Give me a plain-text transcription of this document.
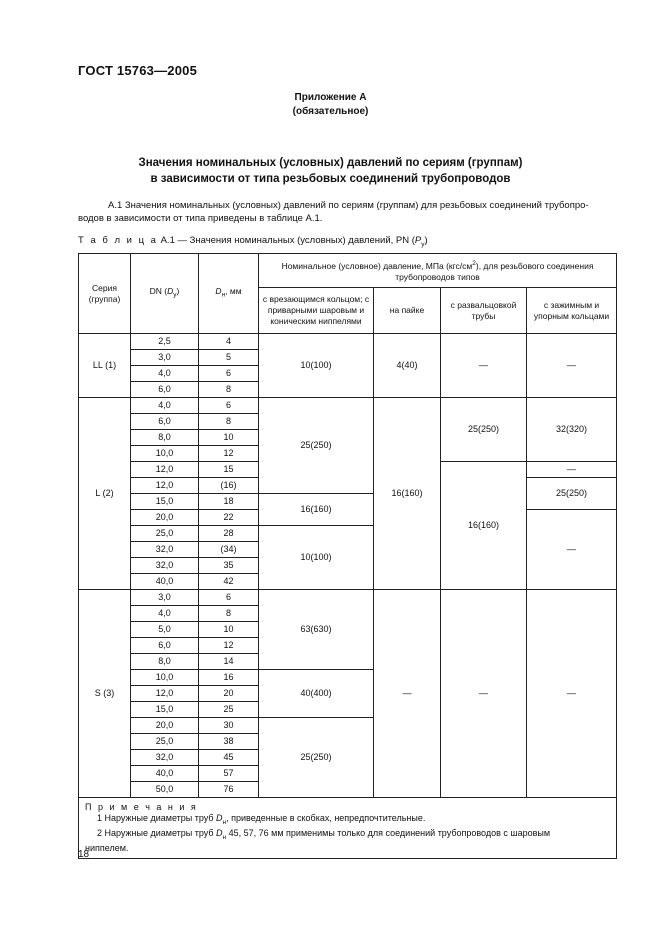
ГОСТ 15763—2005
Приложение А
(обязательное)
Значения номинальных (условных) давлений по сериям (группам)
в зависимости от типа резьбовых соединений трубопроводов
А.1 Значения номинальных (условных) давлений по сериям (группам) для резьбовых соединений трубопро-
водов в зависимости от типа приведены в таблице А.1.
Т а б л и ц а А.1 — Значения номинальных (условных) давлений, PN $(P_y)$
Серия (группа)	DN $(D_y)$	$D_н$, мм	Номинальное (условное) давление, МПа $(кгс/см^2)$, для резьбового соединения трубопроводов типов			
			с врезающимся кольцом; с приварными шаровым и коническим ниппелями	на пайке	с развальцовкой трубы	с зажимным и упорным кольцами
LL (1)	2,5	4	10(100)	4(40)	—	—
	3,0	5				
	4,0	6				
	6,0	8				
L (2)	4,0	6	25(250)	16(160)	25(250)	32(320)
	6,0	8				
	8,0	10				
	10,0	12				
	12,0	15			16(160)	—
	12,0	(16)				25(250)
	15,0	18	16(160)			
	20,0	22				—
	25,0	28	10(100)			
	32,0	(34)				
	32,0	35				
	40,0	42				
S (3)	3,0	6	63(630)	—	—	—
	4,0	8				
	5,0	10				
	6,0	12				
	8,0	14				
	10,0	16	40(400)			
	12,0	20				
	15,0	25				
	20,0	30	25(250)			
	25,0	38				
	32,0	45				
	40,0	57				
	50,0	76				

П р и м е ч а н и я
1 Наружные диаметры труб $D_н$, приведенные в скобках, непредпочтительные.
2 Наружные диаметры труб $D_н$ 45, 57, 76 мм применимы только для соединений трубопроводов с шаровым
ниппелем.						
18
